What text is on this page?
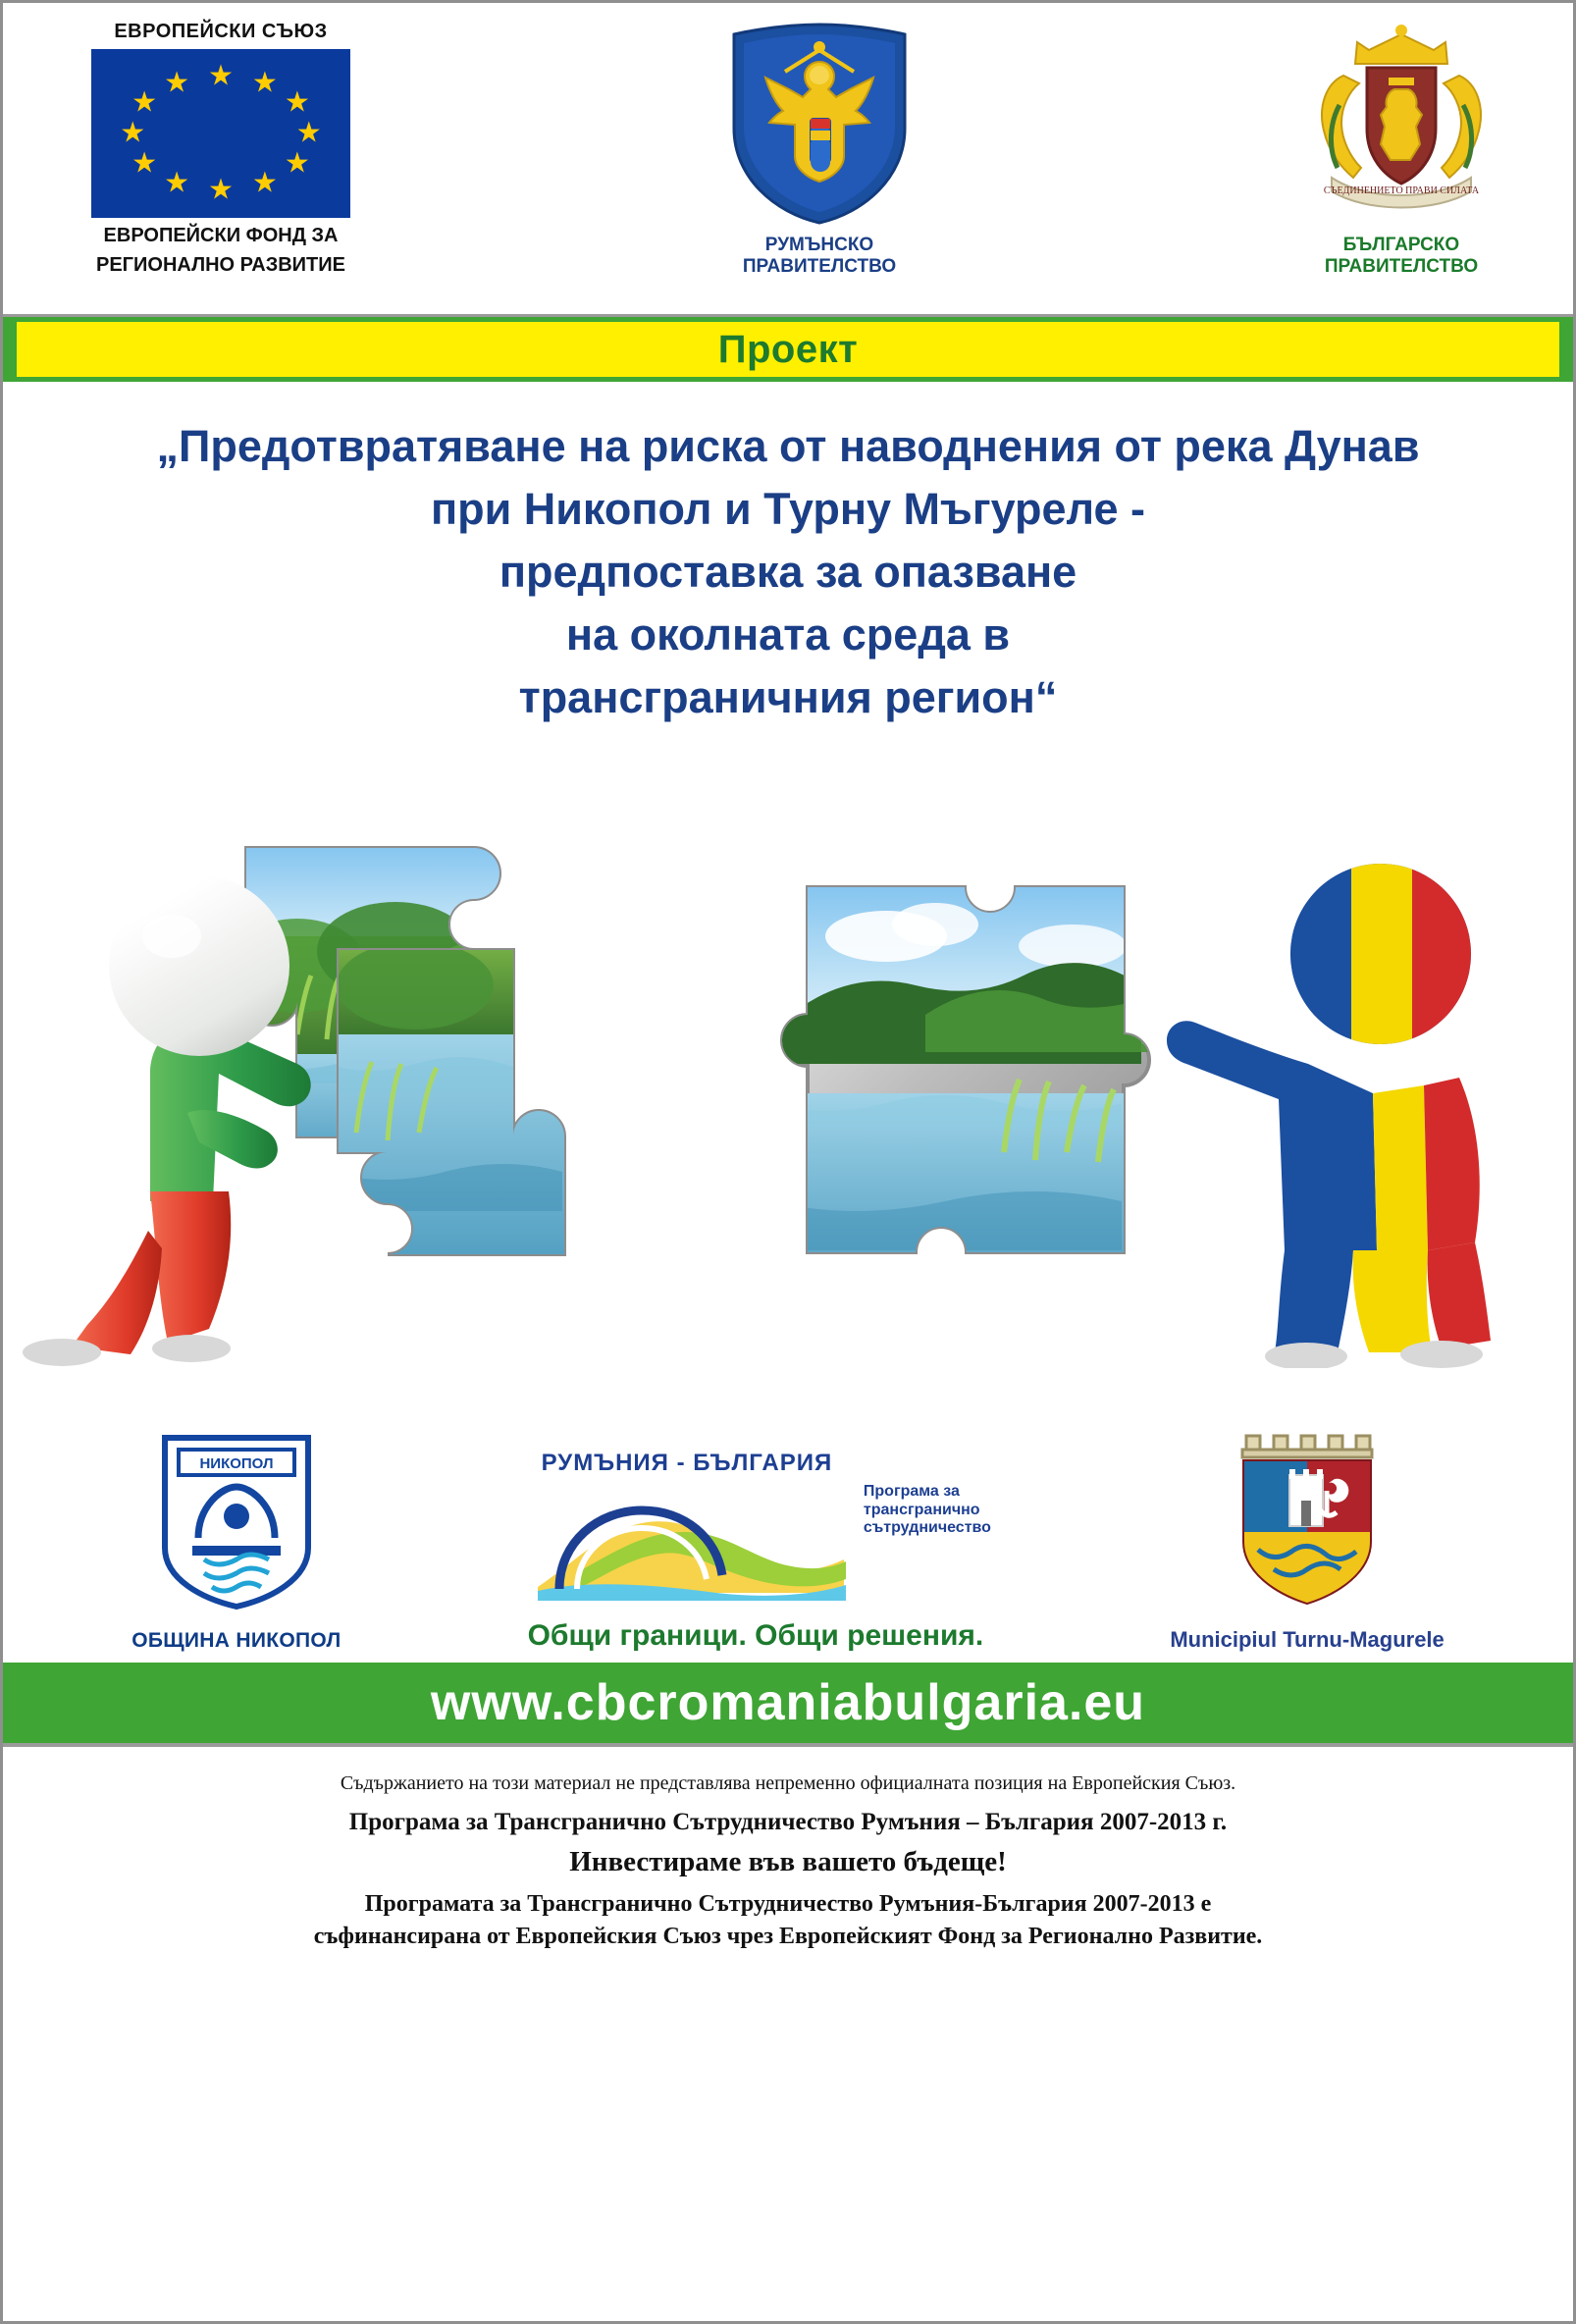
ЕВРОПЕЙСКИ СЪЮЗ
★ ★
★
★
★
★
★
★
★
★
★
★
ЕВРОПЕЙСКИ ФОНД ЗА
РЕГИОНАЛНО РАЗВИТИЕ
РУМЪНСКО ПРАВИТЕЛСТВО
СЪЕДИНЕНИЕТО ПРАВИ СИЛАТА
БЪЛГАРСКО ПРАВИТЕЛСТВО
Проект
„Предотвратяване на риска от наводнения от река Дунав
при Никопол и Турну Мъгуреле -
предпоставка за опазване
на околната среда в
трансграничния регион“
НИКОПОЛ
ОБЩИНА НИКОПОЛ
РУМЪНИЯ - БЪЛГАРИЯ
Програма за
трансгранично
сътрудничество
Общи граници. Общи решения.	Municipiul Turnu-Magurele
www.cbcromaniabulgaria.eu
Съдържанието на този материал не представлява непременно официалната позиция на Европейския Съюз.
Програма за Трансгранично Сътрудничество Румъния – България 2007-2013 г.
Инвестираме във вашето бъдеще!
Програмата за Трансгранично Сътрудничество Румъния-България 2007-2013 е
съфинансирана от Европейския Съюз чрез Европейският Фонд за Регионално Развитие.
